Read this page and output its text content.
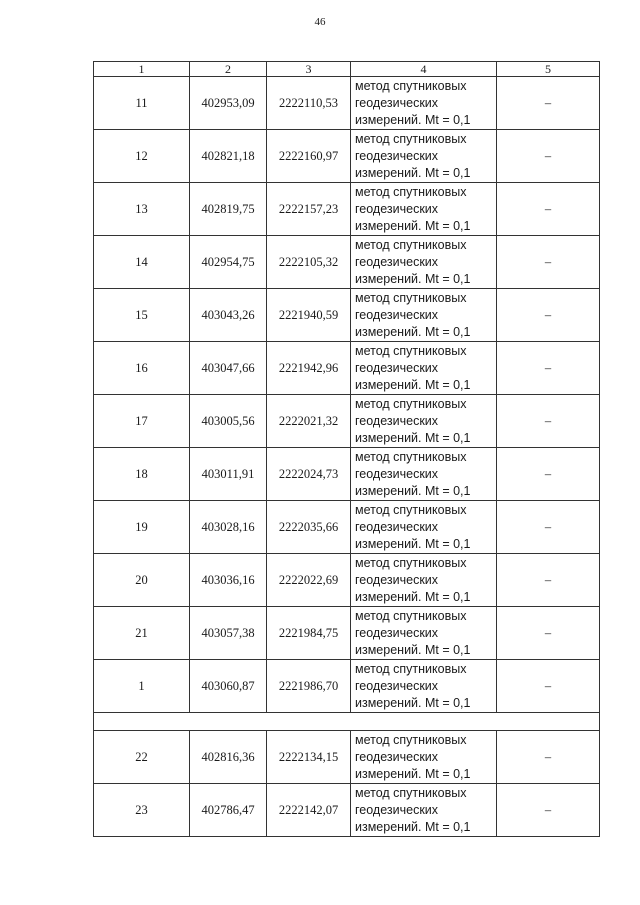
46
1	2	3	4	5
11	402953,09	2222110,53	метод спутниковых
геодезических
измерений. Mt = 0,1	–
12	402821,18	2222160,97	метод спутниковых
геодезических
измерений. Mt = 0,1	–
13	402819,75	2222157,23	метод спутниковых
геодезических
измерений. Mt = 0,1	–
14	402954,75	2222105,32	метод спутниковых
геодезических
измерений. Mt = 0,1	–
15	403043,26	2221940,59	метод спутниковых
геодезических
измерений. Mt = 0,1	–
16	403047,66	2221942,96	метод спутниковых
геодезических
измерений. Mt = 0,1	–
17	403005,56	2222021,32	метод спутниковых
геодезических
измерений. Mt = 0,1	–
18	403011,91	2222024,73	метод спутниковых
геодезических
измерений. Mt = 0,1	–
19	403028,16	2222035,66	метод спутниковых
геодезических
измерений. Mt = 0,1	–
20	403036,16	2222022,69	метод спутниковых
геодезических
измерений. Mt = 0,1	–
21	403057,38	2221984,75	метод спутниковых
геодезических
измерений. Mt = 0,1	–
1	403060,87	2221986,70	метод спутниковых
геодезических
измерений. Mt = 0,1	–

22	402816,36	2222134,15	метод спутниковых
геодезических
измерений. Mt = 0,1	–
23	402786,47	2222142,07	метод спутниковых
геодезических
измерений. Mt = 0,1	–
